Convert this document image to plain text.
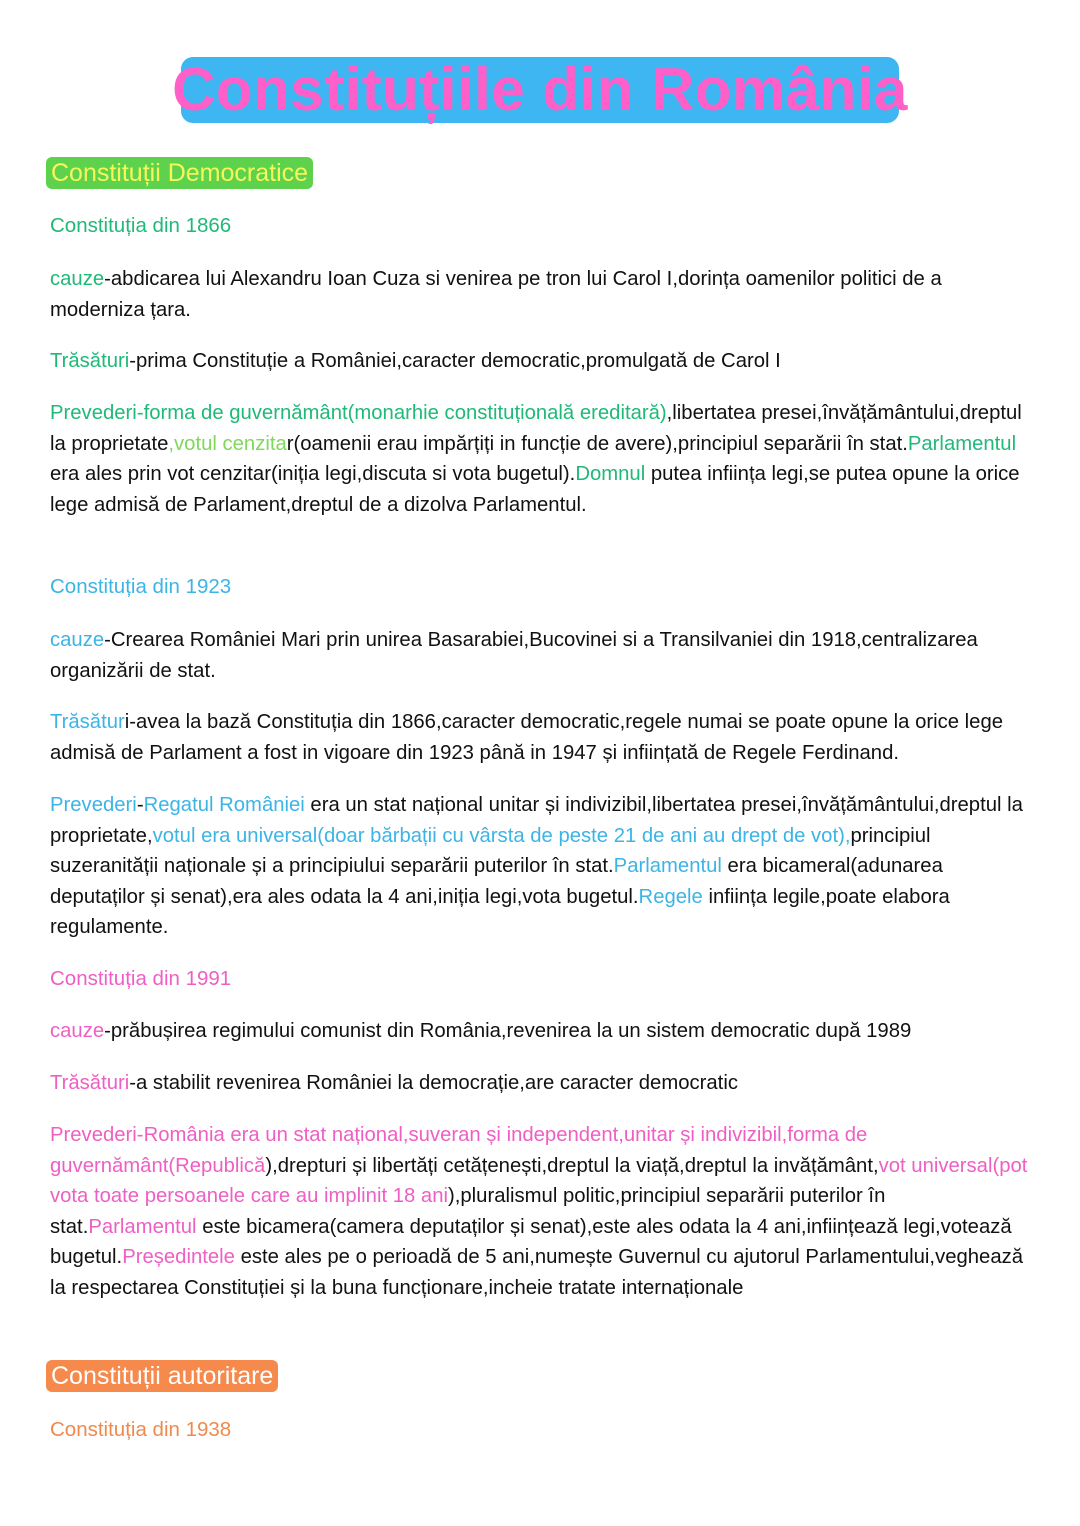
Constituțiile din România
Constituții Democratice
Constituția din 1866
cauze-abdicarea lui Alexandru Ioan Cuza si venirea pe tron lui Carol I,dorința oamenilor politici de a moderniza țara.
Trăsături-prima Constituție a României,caracter democratic,promulgată de Carol I
Prevederi-forma de guvernământ(monarhie constituțională ereditară),libertatea presei,învățământului,dreptul la proprietate,votul cenzitar(oamenii erau impărțiți in funcție de avere),principiul separării în stat.Parlamentul era ales prin vot cenzitar(iniția legi,discuta si vota bugetul).Domnul putea inființa legi,se putea opune la orice lege admisă de Parlament,dreptul de a dizolva Parlamentul.
Constituția din 1923
cauze-Crearea României Mari prin unirea Basarabiei,Bucovinei si a Transilvaniei din 1918,centralizarea organizării de stat.
Trăsături-avea la bază Constituția din 1866,caracter democratic,regele numai se poate opune la orice lege admisă de Parlament a fost in vigoare din 1923 până in 1947 și inființată de Regele Ferdinand.
Prevederi-Regatul României era un stat național unitar și indivizibil,libertatea presei,învățământului,dreptul la proprietate,votul era universal(doar bărbații cu vârsta de peste 21 de ani au drept de vot),principiul suzeranității naționale și a principiului separării puterilor în stat.Parlamentul era bicameral(adunarea deputaților și senat),era ales odata la 4 ani,iniția legi,vota bugetul.Regele inființa legile,poate elabora regulamente.
Constituția din 1991
cauze-prăbușirea regimului comunist din România,revenirea la un sistem democratic după 1989
Trăsături-a stabilit revenirea României la democrație,are caracter democratic
Prevederi-România era un stat național,suveran și independent,unitar și indivizibil,forma de guvernământ(Republică),drepturi și libertăți cetățenești,dreptul la viață,dreptul la invățământ,vot universal(pot vota toate persoanele care au implinit 18 ani),pluralismul politic,principiul separării puterilor în stat.Parlamentul este bicamera(camera deputaților și senat),este ales odata la 4 ani,inființează legi,votează bugetul.Președintele este ales pe o perioadă de 5 ani,numește Guvernul cu ajutorul Parlamentului,veghează la respectarea Constituției și la buna funcționare,incheie tratate internaționale
Constituții autoritare
Constituția din 1938
